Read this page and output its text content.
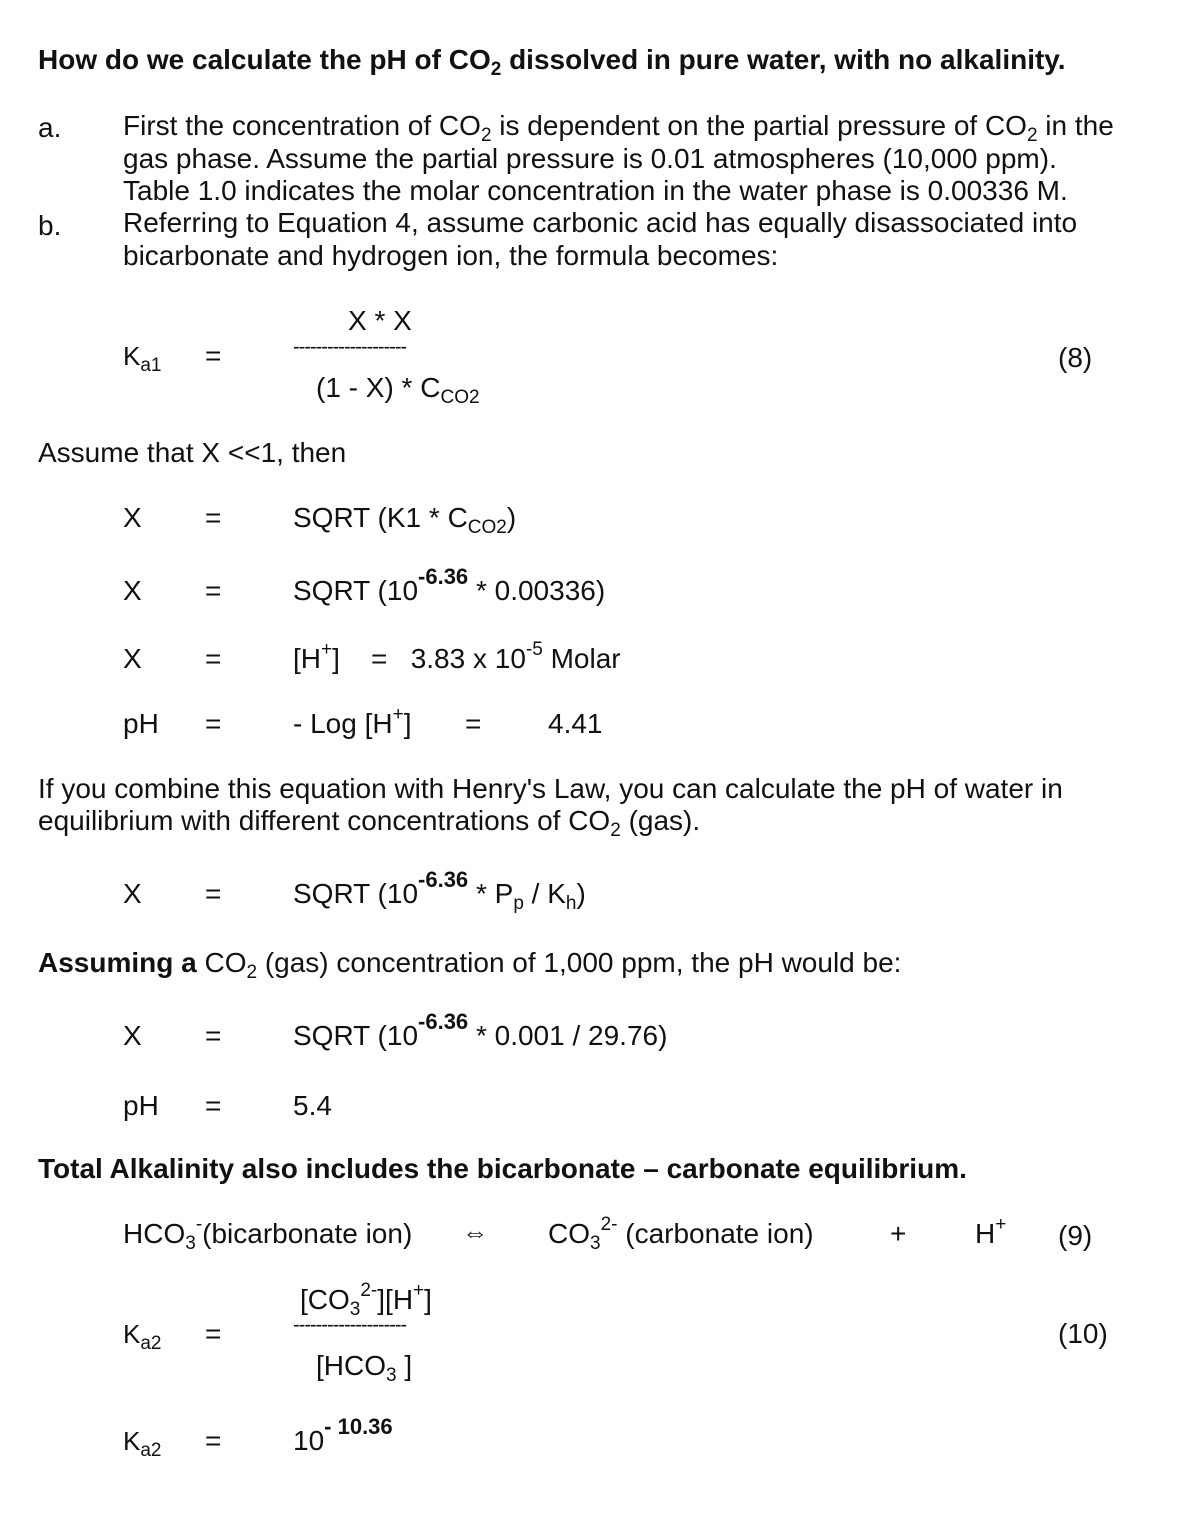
How do we calculate the pH of $CO_2$ dissolved in pure water, with no alkalinity.
a. First the concentration of $CO_2$ is dependent on the partial pressure of $CO_2$ in the
gas phase. Assume the partial pressure is 0.01 atmospheres (10,000 ppm).
Table 1.0 indicates the molar concentration in the water phase is 0.00336 M.
b. Referring to Equation 4, assume carbonic acid has equally disassociated into
bicarbonate and hydrogen ion, the formula becomes:
X * X
$K_{a1}$ =	--------------------	(8)
$(1 - X) * C_{CO2}$
Assume that X <<1, then
X =	SQRT $(K1 * C_{CO2})$
X =	SQRT $(10^{-6.36} * 0.00336)$
X =	[H+]    =   3.83 x $10^{-5}$ Molar
pH =	- Log [H+] = 4.41
If you combine this equation with Henry's Law, you can calculate the pH of water in
equilibrium with different concentrations of $CO_2$ (gas).
X =	SQRT $(10^{-6.36} * P_p / K_h)$
Assuming a $CO_2$ (gas) concentration of 1,000 ppm, the pH would be:
X =	SQRT $(10^{-6.36} * 0.001 / 29.76)$
pH =	5.4
Total Alkalinity also includes the bicarbonate – carbonate equilibrium.
$HCO_3^-(bicarbonate$ ion) ⇔ $CO_3^{2-}$ (carbonate ion)	+ H+ (9)
$[CO_3^{2-}][H^+]$
$K_{a2}$ =	--------------------	(10)
[$HCO_3$ ]
$K_{a2}$ =	$10^{- 10.36}$
